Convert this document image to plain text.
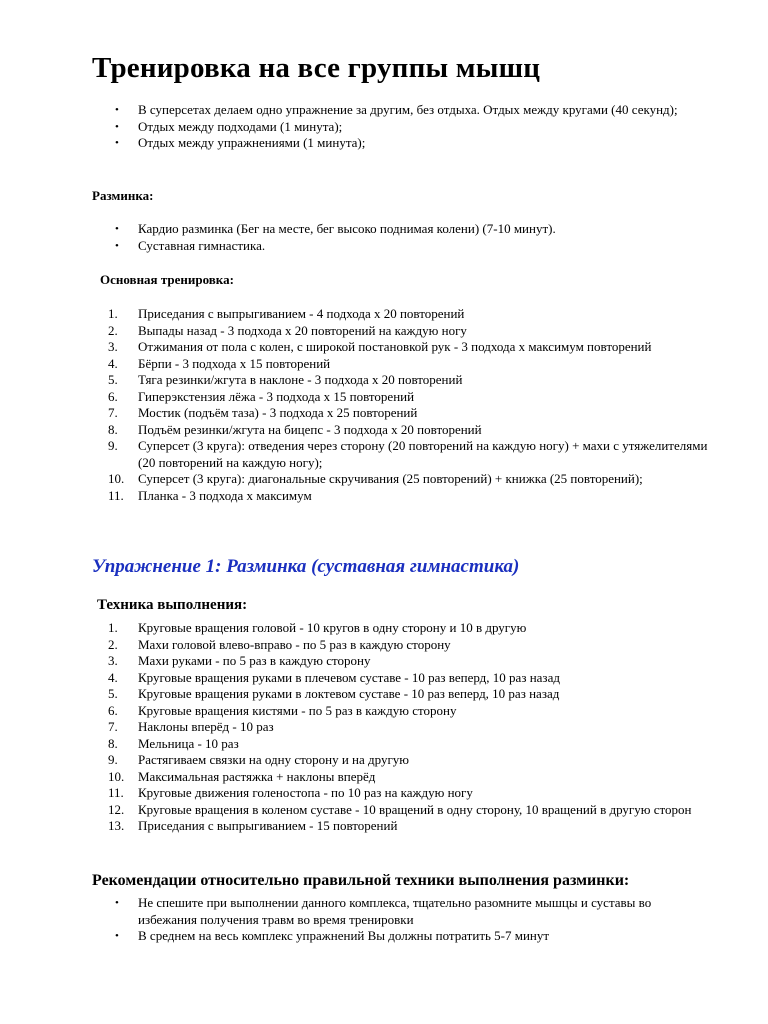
Тренировка на все группы мышц
• В суперсетах делаем одно упражнение за другим, без отдыха. Отдых между кругами (40 секунд);
• Отдых между подходами (1 минута);
• Отдых между упражнениями (1 минута);
Разминка:
• Кардио разминка (Бег на месте, бег высоко поднимая колени) (7-10 минут).
• Суставная гимнастика.
Основная тренировка:
1.	Приседания с выпрыгиванием - 4 подхода х 20 повторений
2.	Выпады назад - 3 подхода х 20 повторений на каждую ногу
3.	Отжимания от пола с колен, с широкой постановкой рук - 3 подхода х максимум повторений
4.	Бёрпи - 3 подхода х 15 повторений
5.	Тяга резинки/жгута в наклоне - 3 подхода х 20 повторений
6.	Гиперэкстензия лёжа - 3 подхода х 15 повторений
7.	Мостик (подъём таза) - 3 подхода х 25 повторений
8.	Подъём резинки/жгута на бицепс - 3 подхода х 20 повторений
9.	Суперсет (3 круга): отведения через сторону (20 повторений на каждую ногу) + махи с утяжелителями (20 повторений на каждую ногу);
10. Суперсет (3 круга): диагональные скручивания (25 повторений) + книжка (25 повторений);
11.	Планка - 3 подхода х максимум
Упражнение 1: Разминка (суставная гимнастика)
Техника выполнения:
1.	Круговые вращения головой - 10 кругов в одну сторону и 10 в другую
2.	Махи головой влево-вправо - по 5 раз в каждую сторону
3.	Махи руками - по 5 раз в каждую сторону
4.	Круговые вращения руками в плечевом суставе - 10 раз веперд, 10 раз назад
5.	Круговые вращения руками в локтевом суставе - 10 раз веперд, 10 раз назад
6.	Круговые вращения кистями - по 5 раз в каждую сторону
7.	Наклоны вперёд - 10 раз
8.	Мельница - 10 раз
9.	Растягиваем связки на одну сторону и на другую
10. Максимальная растяжка + наклоны вперёд
11.	Круговые движения голеностопа - по 10 раз на каждую ногу
12. Круговые вращения в коленом суставе - 10 вращений в одну сторону, 10 вращений в другую сторон
13. Приседания с выпрыгиванием - 15 повторений
Рекомендации относительно правильной техники выполнения разминки:
• Не спешите при выполнении данного комплекса, тщательно разомните мышцы и суставы во избежания получения травм во время тренировки
• В среднем на весь комплекс упражнений Вы должны потратить 5-7 минут
